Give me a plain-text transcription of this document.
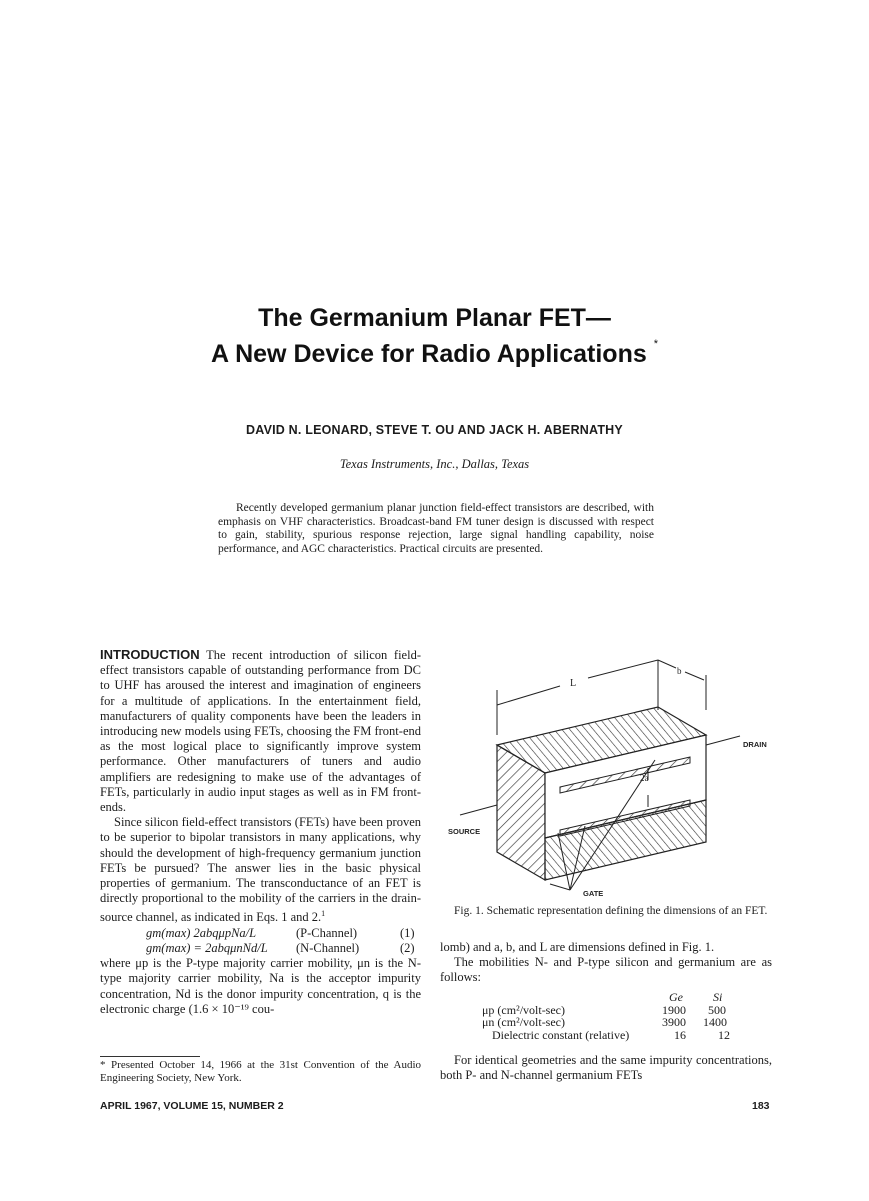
The Germanium Planar FET—
A New Device for Radio Applications *
DAVID N. LEONARD, STEVE T. OU AND JACK H. ABERNATHY
Texas Instruments, Inc., Dallas, Texas
Recently developed germanium planar junction field-effect transistors are described, with emphasis on VHF characteristics. Broadcast-band FM tuner design is discussed with respect to gain, stability, spurious response rejection, large signal handling capability, noise performance, and AGC characteristics. Practical circuits are presented.

INTRODUCTION The recent introduction of silicon field-effect transistors capable of outstanding performance from DC to UHF has aroused the interest and imagination of engineers for a multitude of applications. In the entertainment field, manufacturers of quality components have been the leaders in introducing new models using FETs, choosing the FM front-end as the most logical place to significantly improve system performance. Other manufacturers of tuners and audio amplifiers are redesigning to make use of the advantages of FETs, particularly in audio input stages as well as in FM front-ends.

Since silicon field-effect transistors (FETs) have been proven to be superior to bipolar transistors in many applications, why should the development of high-frequency germanium junction FETs be pursued? The answer lies in the basic physical properties of germanium. The transconductance of an FET is directly proportional to the mobility of the carriers in the drain-source channel, as indicated in Eqs. 1 and 2.$^1$

gm(max) 2abqμpNa/L	(P-Channel)	(1)
gm(max) = 2abqμnNd/L (N-Channel)	(2)

where μp is the P-type majority carrier mobility, μn is the N-type majority carrier mobility, Na is the acceptor impurity concentration, Nd is the donor impurity concentration, q is the electronic charge (1.6 × 10⁻¹⁹ cou-

* Presented October 14, 1966 at the 31st Convention of the Audio Engineering Society, New York.
L
b
2a
DRAIN
SOURCE
GATE
Fig. 1. Schematic representation defining the dimensions of an FET.

lomb) and a, b, and L are dimensions defined in Fig. 1.

The mobilities N- and P-type silicon and germanium are as follows:

Ge	Si
μp (cm²/volt-sec)	1900 500
μn (cm²/volt-sec)	3900 1400
Dielectric constant (relative)	16	12

For identical geometries and the same impurity concentrations, both P- and N-channel germanium FETs

APRIL 1967, VOLUME 15, NUMBER 2	183
